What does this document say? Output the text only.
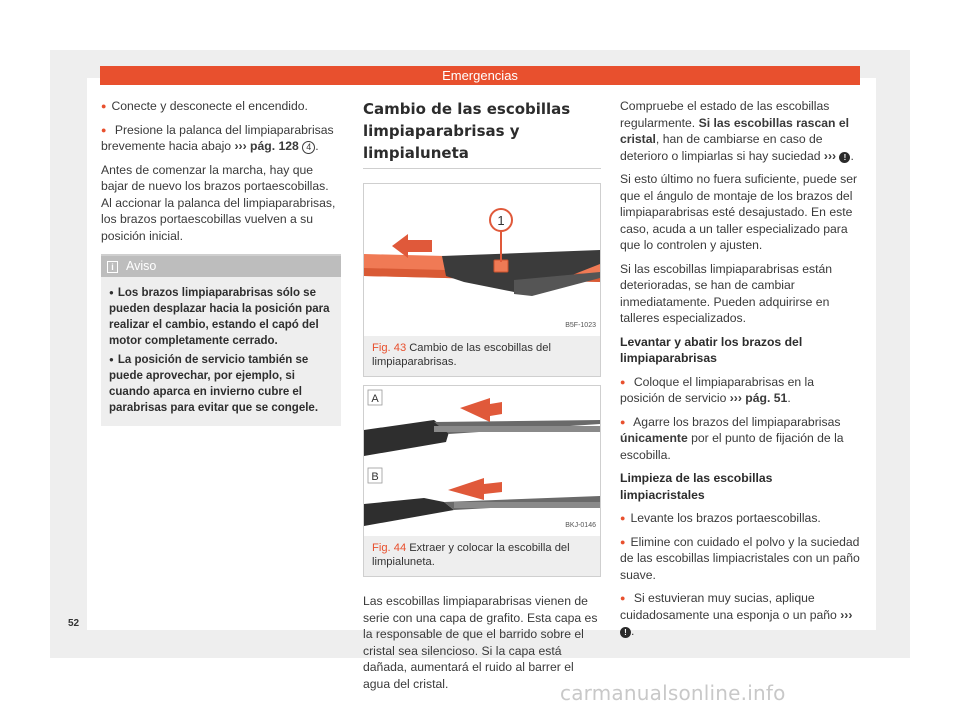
Emergencias

● Conecte y desconecte el encendido.

● Presione la palanca del limpiaparabrisas brevemente hacia abajo ››› pág. 128 4 .

Antes de comenzar la marcha, hay que bajar de nuevo los brazos portaescobillas. Al accionar la palanca del limpiaparabrisas, los brazos portaescobillas vuelven a su posición inicial.

i Aviso

● Los brazos limpiaparabrisas sólo se pueden desplazar hacia la posición para realizar el cambio, estando el capó del motor completamente cerrado.

● La posición de servicio también se puede aprovechar, por ejemplo, si cuando aparca en invierno cubre el parabrisas para evitar que se congele.

Cambio de las escobillas limpiaparabrisas y limpialuneta
1
B5F-1023
Fig. 43 Cambio de las escobillas del limpiaparabrisas.
A
B
BKJ-0146
Fig. 44 Extraer y colocar la escobilla del limpialuneta.

Las escobillas limpiaparabrisas vienen de serie con una capa de grafito. Esta capa es la responsable de que el barrido sobre el cristal sea silencioso. Si la capa está dañada, aumentará el ruido al barrer el agua del cristal.

Compruebe el estado de las escobillas regularmente. Si las escobillas rascan el cristal, han de cambiarse en caso de deterioro o limpiarlas si hay suciedad ››› ! .

Si esto último no fuera suficiente, puede ser que el ángulo de montaje de los brazos del limpiaparabrisas esté desajustado. En este caso, acuda a un taller especializado para que lo controlen y ajusten.

Si las escobillas limpiaparabrisas están deterioradas, se han de cambiar inmediatamente. Pueden adquirirse en talleres especializados.

Levantar y abatir los brazos del limpiaparabrisas

● Coloque el limpiaparabrisas en la posición de servicio ››› pág. 51.

● Agarre los brazos del limpiaparabrisas únicamente por el punto de fijación de la escobilla.

Limpieza de las escobillas limpiacristales

● Levante los brazos portaescobillas.

● Elimine con cuidado el polvo y la suciedad de las escobillas limpiacristales con un paño suave.

● Si estuvieran muy sucias, aplique cuidadosamente una esponja o un paño ››› ! .

52
carmanualsonline.info
